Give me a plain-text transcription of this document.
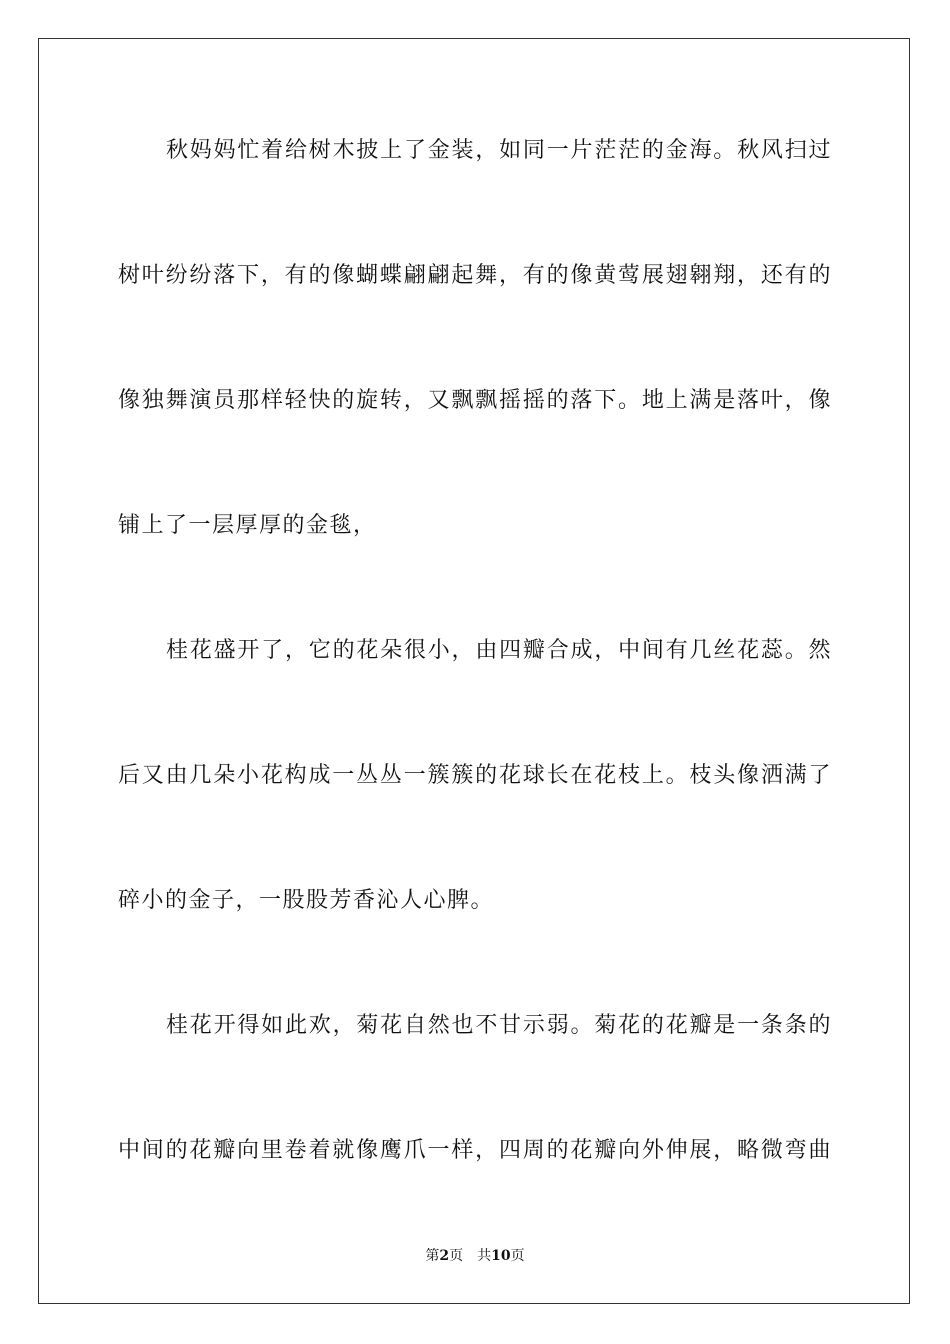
秋妈妈忙着给树木披上了金装，如同一片茫茫的金海。秋风扫过
树叶纷纷落下，有的像蝴蝶翩翩起舞，有的像黄莺展翅翱翔，还有的
像独舞演员那样轻快的旋转，又飘飘摇摇的落下。地上满是落叶，像
铺上了一层厚厚的金毯，
桂花盛开了，它的花朵很小，由四瓣合成，中间有几丝花蕊。然
后又由几朵小花构成一丛丛一簇簇的花球长在花枝上。枝头像洒满了
碎小的金子，一股股芳香沁人心脾。
桂花开得如此欢，菊花自然也不甘示弱。菊花的花瓣是一条条的
中间的花瓣向里卷着就像鹰爪一样，四周的花瓣向外伸展，略微弯曲
第2页 共10页
